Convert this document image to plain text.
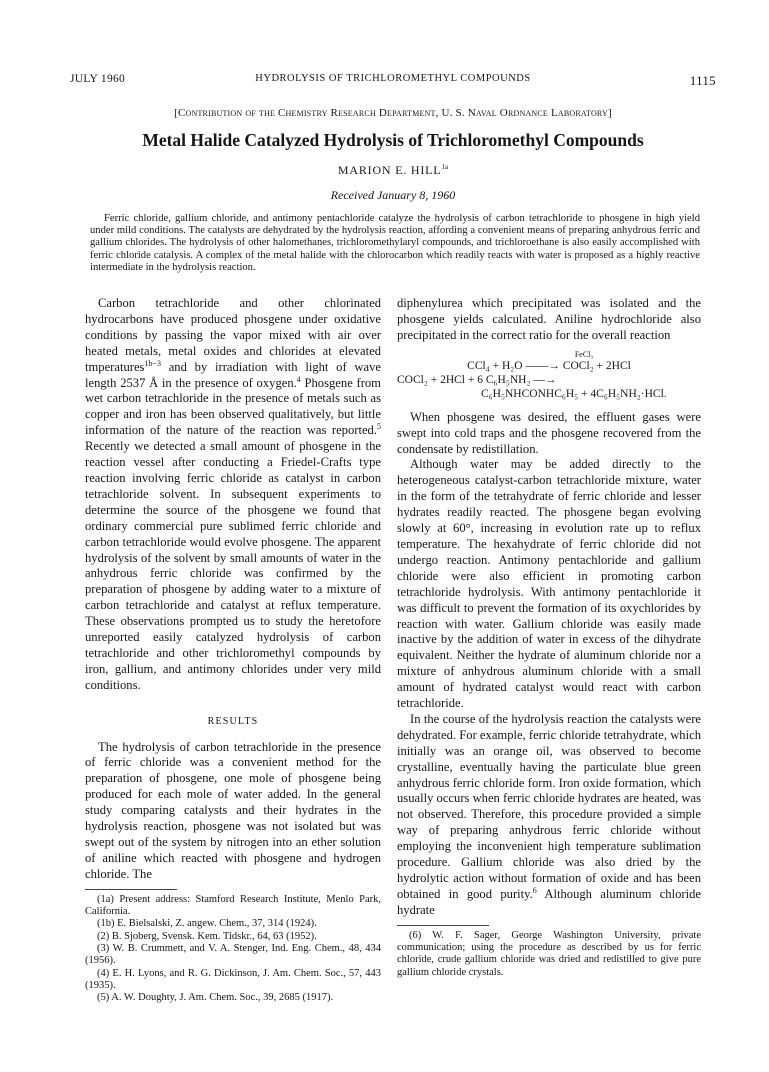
JULY 1960	HYDROLYSIS OF TRICHLOROMETHYL COMPOUNDS	1115
[Contribution of the Chemistry Research Department, U. S. Naval Ordnance Laboratory]
Metal Halide Catalyzed Hydrolysis of Trichloromethyl Compounds
MARION E. $HILL^{1a}$
Received January 8, 1960
Ferric chloride, gallium chloride, and antimony pentachloride catalyze the hydrolysis of carbon tetrachloride to phosgene in high yield under mild conditions. The catalysts are dehydrated by the hydrolysis reaction, affording a convenient means of preparing anhydrous ferric and gallium chlorides. The hydrolysis of other halomethanes, trichloromethylaryl compounds, and trichloroethane is also easily accomplished with ferric chloride catalysis. A complex of the metal halide with the chlorocarbon which readily reacts with water is proposed as a highly reactive intermediate in the hydrolysis reaction.

Carbon tetrachloride and other chlorinated hydrocarbons have produced phosgene under oxidative conditions by passing the vapor mixed with air over heated metals, metal oxides and chlorides at elevated tmperatures$^{1b-3}$ and by irradiation with light of wave length 2537 Å in the presence of oxygen.$^4$ Phosgene from wet carbon tetrachloride in the presence of metals such as copper and iron has been observed qualitatively, but little information of the nature of the reaction was reported.$^5$ Recently we detected a small amount of phosgene in the reaction vessel after conducting a Friedel-Crafts type reaction involving ferric chloride as catalyst in carbon tetrachloride solvent. In subsequent experiments to determine the source of the phosgene we found that ordinary commercial pure sublimed ferric chloride and carbon tetrachloride would evolve phosgene. The apparent hydrolysis of the solvent by small amounts of water in the anhydrous ferric chloride was confirmed by the preparation of phosgene by adding water to a mixture of carbon tetrachloride and catalyst at reflux temperature. These observations prompted us to study the heretofore unreported easily catalyzed hydrolysis of carbon tetrachloride and other trichloromethyl compounds by iron, gallium, and antimony chlorides under very mild conditions.

RESULTS

The hydrolysis of carbon tetrachloride in the presence of ferric chloride was a convenient method for the preparation of phosgene, one mole of phosgene being produced for each mole of water added. In the general study comparing catalysts and their hydrates in the hydrolysis reaction, phosgene was not isolated but was swept out of the system by nitrogen into an ether solution of aniline which reacted with phosgene and hydrogen chloride. The

(1a) Present address: Stamford Research Institute, Menlo Park, California.

(1b) E. Bielsalski, Z. angew. Chem., 37, 314 (1924).

(2) B. Sjoberg, Svensk. Kem. Tidskr., 64, 63 (1952).

(3) W. B. Crummett, and V. A. Stenger, Ind. Eng. Chem., 48, 434 (1956).

(4) E. H. Lyons, and R. G. Dickinson, J. Am. Chem. Soc., 57, 443 (1935).

(5) A. W. Doughty, J. Am. Chem. Soc., 39, 2685 (1917).

diphenylurea which precipitated was isolated and the phosgene yields calculated. Aniline hydrochloride also precipitated in the correct ratio for the overall reaction

FeCl₃
CCl₄ + H₂O ——→ COCl₂ + 2HCl
COCl₂ + 2HCl + 6 C₆H₅NH₂ —→
C₆H₅NHCONHC₆H₅ + 4C₆H₅NH₂·HCl.

When phosgene was desired, the effluent gases were swept into cold traps and the phosgene recovered from the condensate by redistillation.

Although water may be added directly to the heterogeneous catalyst-carbon tetrachloride mixture, water in the form of the tetrahydrate of ferric chloride and lesser hydrates readily reacted. The phosgene began evolving slowly at 60°, increasing in evolution rate up to reflux temperature. The hexahydrate of ferric chloride did not undergo reaction. Antimony pentachloride and gallium chloride were also efficient in promoting carbon tetrachloride hydrolysis. With antimony pentachloride it was difficult to prevent the formation of its oxychlorides by reaction with water. Gallium chloride was easily made inactive by the addition of water in excess of the dihydrate equivalent. Neither the hydrate of aluminum chloride nor a mixture of anhydrous aluminum chloride with a small amount of hydrated catalyst would react with carbon tetrachloride.

In the course of the hydrolysis reaction the catalysts were dehydrated. For example, ferric chloride tetrahydrate, which initially was an orange oil, was observed to become crystalline, eventually having the particulate blue green anhydrous ferric chloride form. Iron oxide formation, which usually occurs when ferric chloride hydrates are heated, was not observed. Therefore, this procedure provided a simple way of preparing anhydrous ferric chloride without employing the inconvenient high temperature sublimation procedure. Gallium chloride was also dried by the hydrolytic action without formation of oxide and has been obtained in good purity.$^6$ Although aluminum chloride hydrate

(6) W. F. Sager, George Washington University, private communication; using the procedure as described by us for ferric chloride, crude gallium chloride was dried and redistilled to give pure gallium chloride crystals.
